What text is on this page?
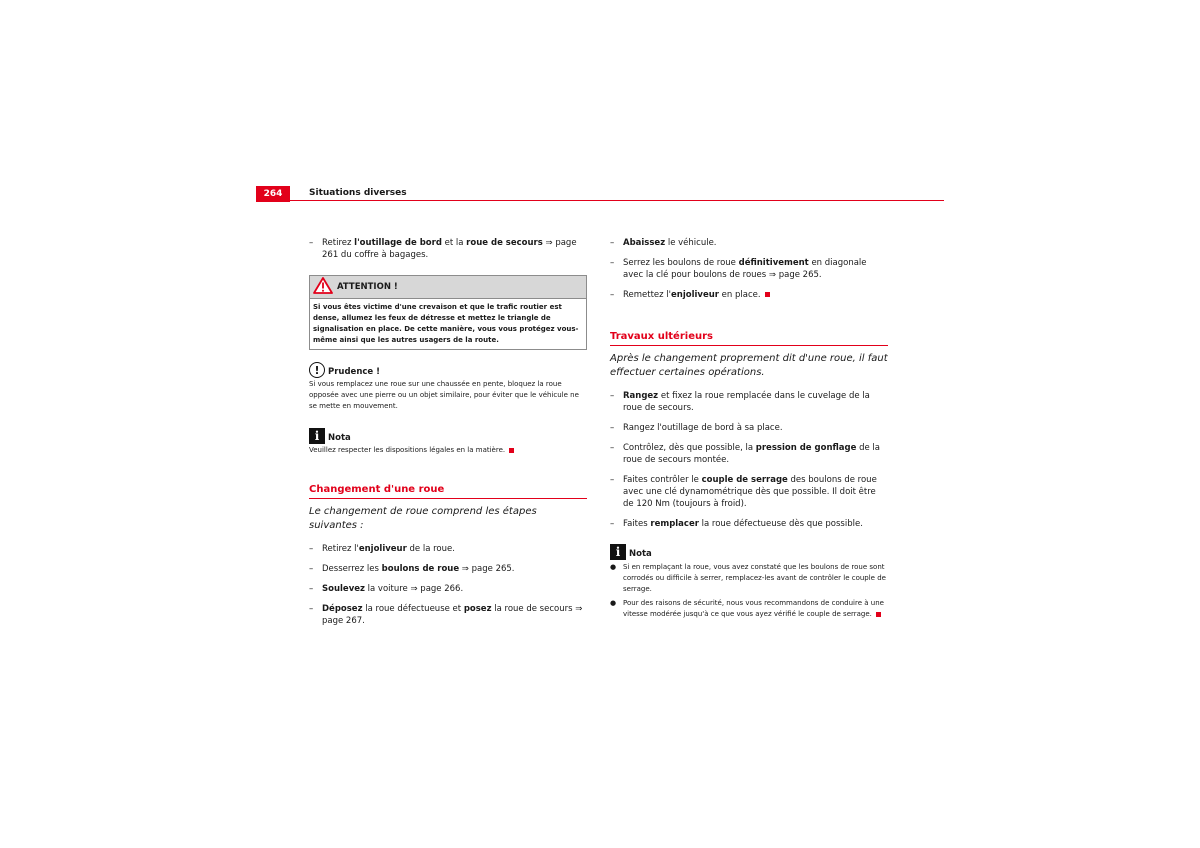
264	Situations diverses
– Retirez l'outillage de bord et la roue de secours ⇒ page 261 du coffre à bagages.
ATTENTION !
Si vous êtes victime d'une crevaison et que le trafic routier est dense, allumez les feux de détresse et mettez le triangle de signalisation en place. De cette manière, vous vous protégez vous-même ainsi que les autres usagers de la route.
! Prudence !
Si vous remplacez une roue sur une chaussée en pente, bloquez la roue opposée avec une pierre ou un objet similaire, pour éviter que le véhicule ne se mette en mouvement.
i	Nota
Veuillez respecter les dispositions légales en la matière.
Changement d'une roue
Le changement de roue comprend les étapes suivantes :
– Retirez l'enjoliveur de la roue.
– Desserrez les boulons de roue ⇒ page 265.
– Soulevez la voiture ⇒ page 266.
– Déposez la roue défectueuse et posez la roue de secours ⇒ page 267.
– Abaissez le véhicule.
– Serrez les boulons de roue définitivement en diagonale avec la clé pour boulons de roues ⇒ page 265.
– Remettez l'enjoliveur en place.
Travaux ultérieurs
Après le changement proprement dit d'une roue, il faut effectuer certaines opérations.
– Rangez et fixez la roue remplacée dans le cuvelage de la roue de secours.
– Rangez l'outillage de bord à sa place.
– Contrôlez, dès que possible, la pression de gonflage de la roue de secours montée.
– Faites contrôler le couple de serrage des boulons de roue avec une clé dynamométrique dès que possible. Il doit être de 120 Nm (toujours à froid).
– Faites remplacer la roue défectueuse dès que possible.
i	Nota
● Si en remplaçant la roue, vous avez constaté que les boulons de roue sont corrodés ou difficile à serrer, remplacez-les avant de contrôler le couple de serrage.
● Pour des raisons de sécurité, nous vous recommandons de conduire à une vitesse modérée jusqu'à ce que vous ayez vérifié le couple de serrage.
